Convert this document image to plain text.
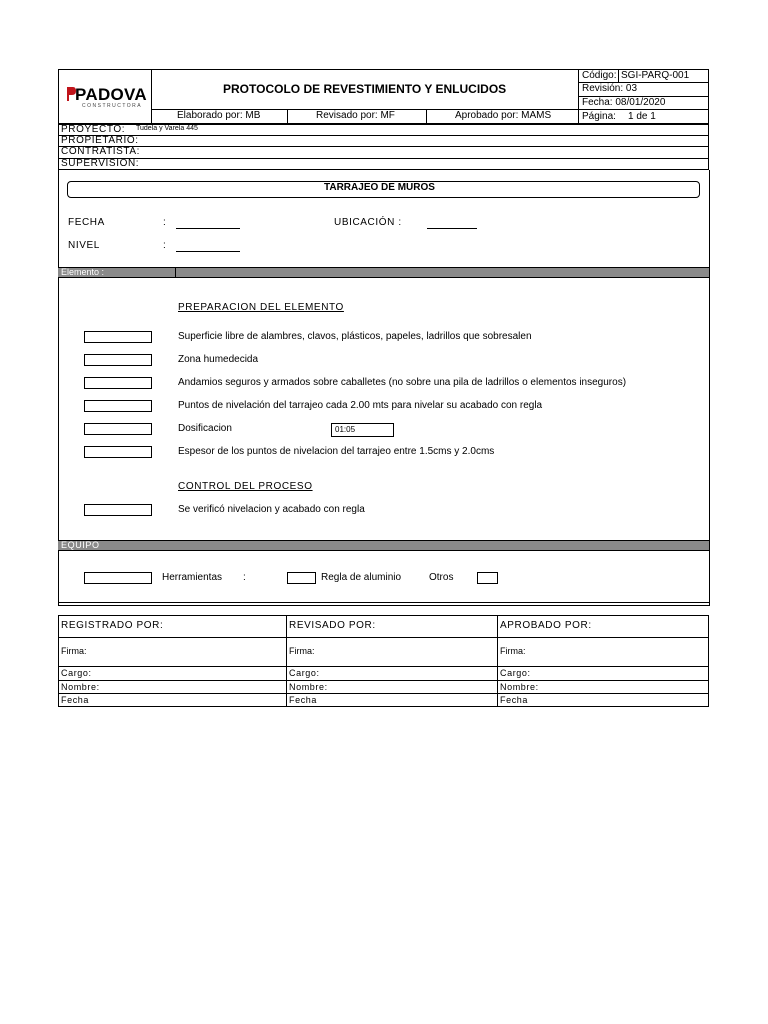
PADOVA
CONSTRUCTORA
PROTOCOLO DE REVESTIMIENTO Y ENLUCIDOS
Código: SGI-PARQ-001
Revisión: 03
Fecha: 08/01/2020
Página: 1 de 1
Elaborado por: MB	Revisado por: MF	Aprobado por: MAMS
PROYECTO: Tudela y Varela 445
PROPIETARIO:
CONTRATISTA:
SUPERVISION:
TARRAJEO DE MUROS
FECHA	:	UBICACIÓN :
NIVEL	:
Elemento :
PREPARACION DEL ELEMENTO
Superficie libre de alambres, clavos, plásticos, papeles, ladrillos que sobresalen
Zona humedecida
Andamios seguros y armados sobre caballetes (no sobre una pila de ladrillos o elementos inseguros)
Puntos de nivelación del tarrajeo cada 2.00 mts para nivelar su acabado con regla
Dosificacion	01:05
Espesor de los puntos de nivelacion del tarrajeo entre 1.5cms y 2.0cms
CONTROL DEL PROCESO
Se verificó nivelacion y acabado con regla
EQUIPO
Herramientas :	Regla de aluminio	Otros
REGISTRADO POR:	REVISADO POR:	APROBADO POR:
Firma:	Firma:	Firma:
Cargo:	Cargo:	Cargo:
Nombre:	Nombre:	Nombre:
Fecha	Fecha	Fecha
